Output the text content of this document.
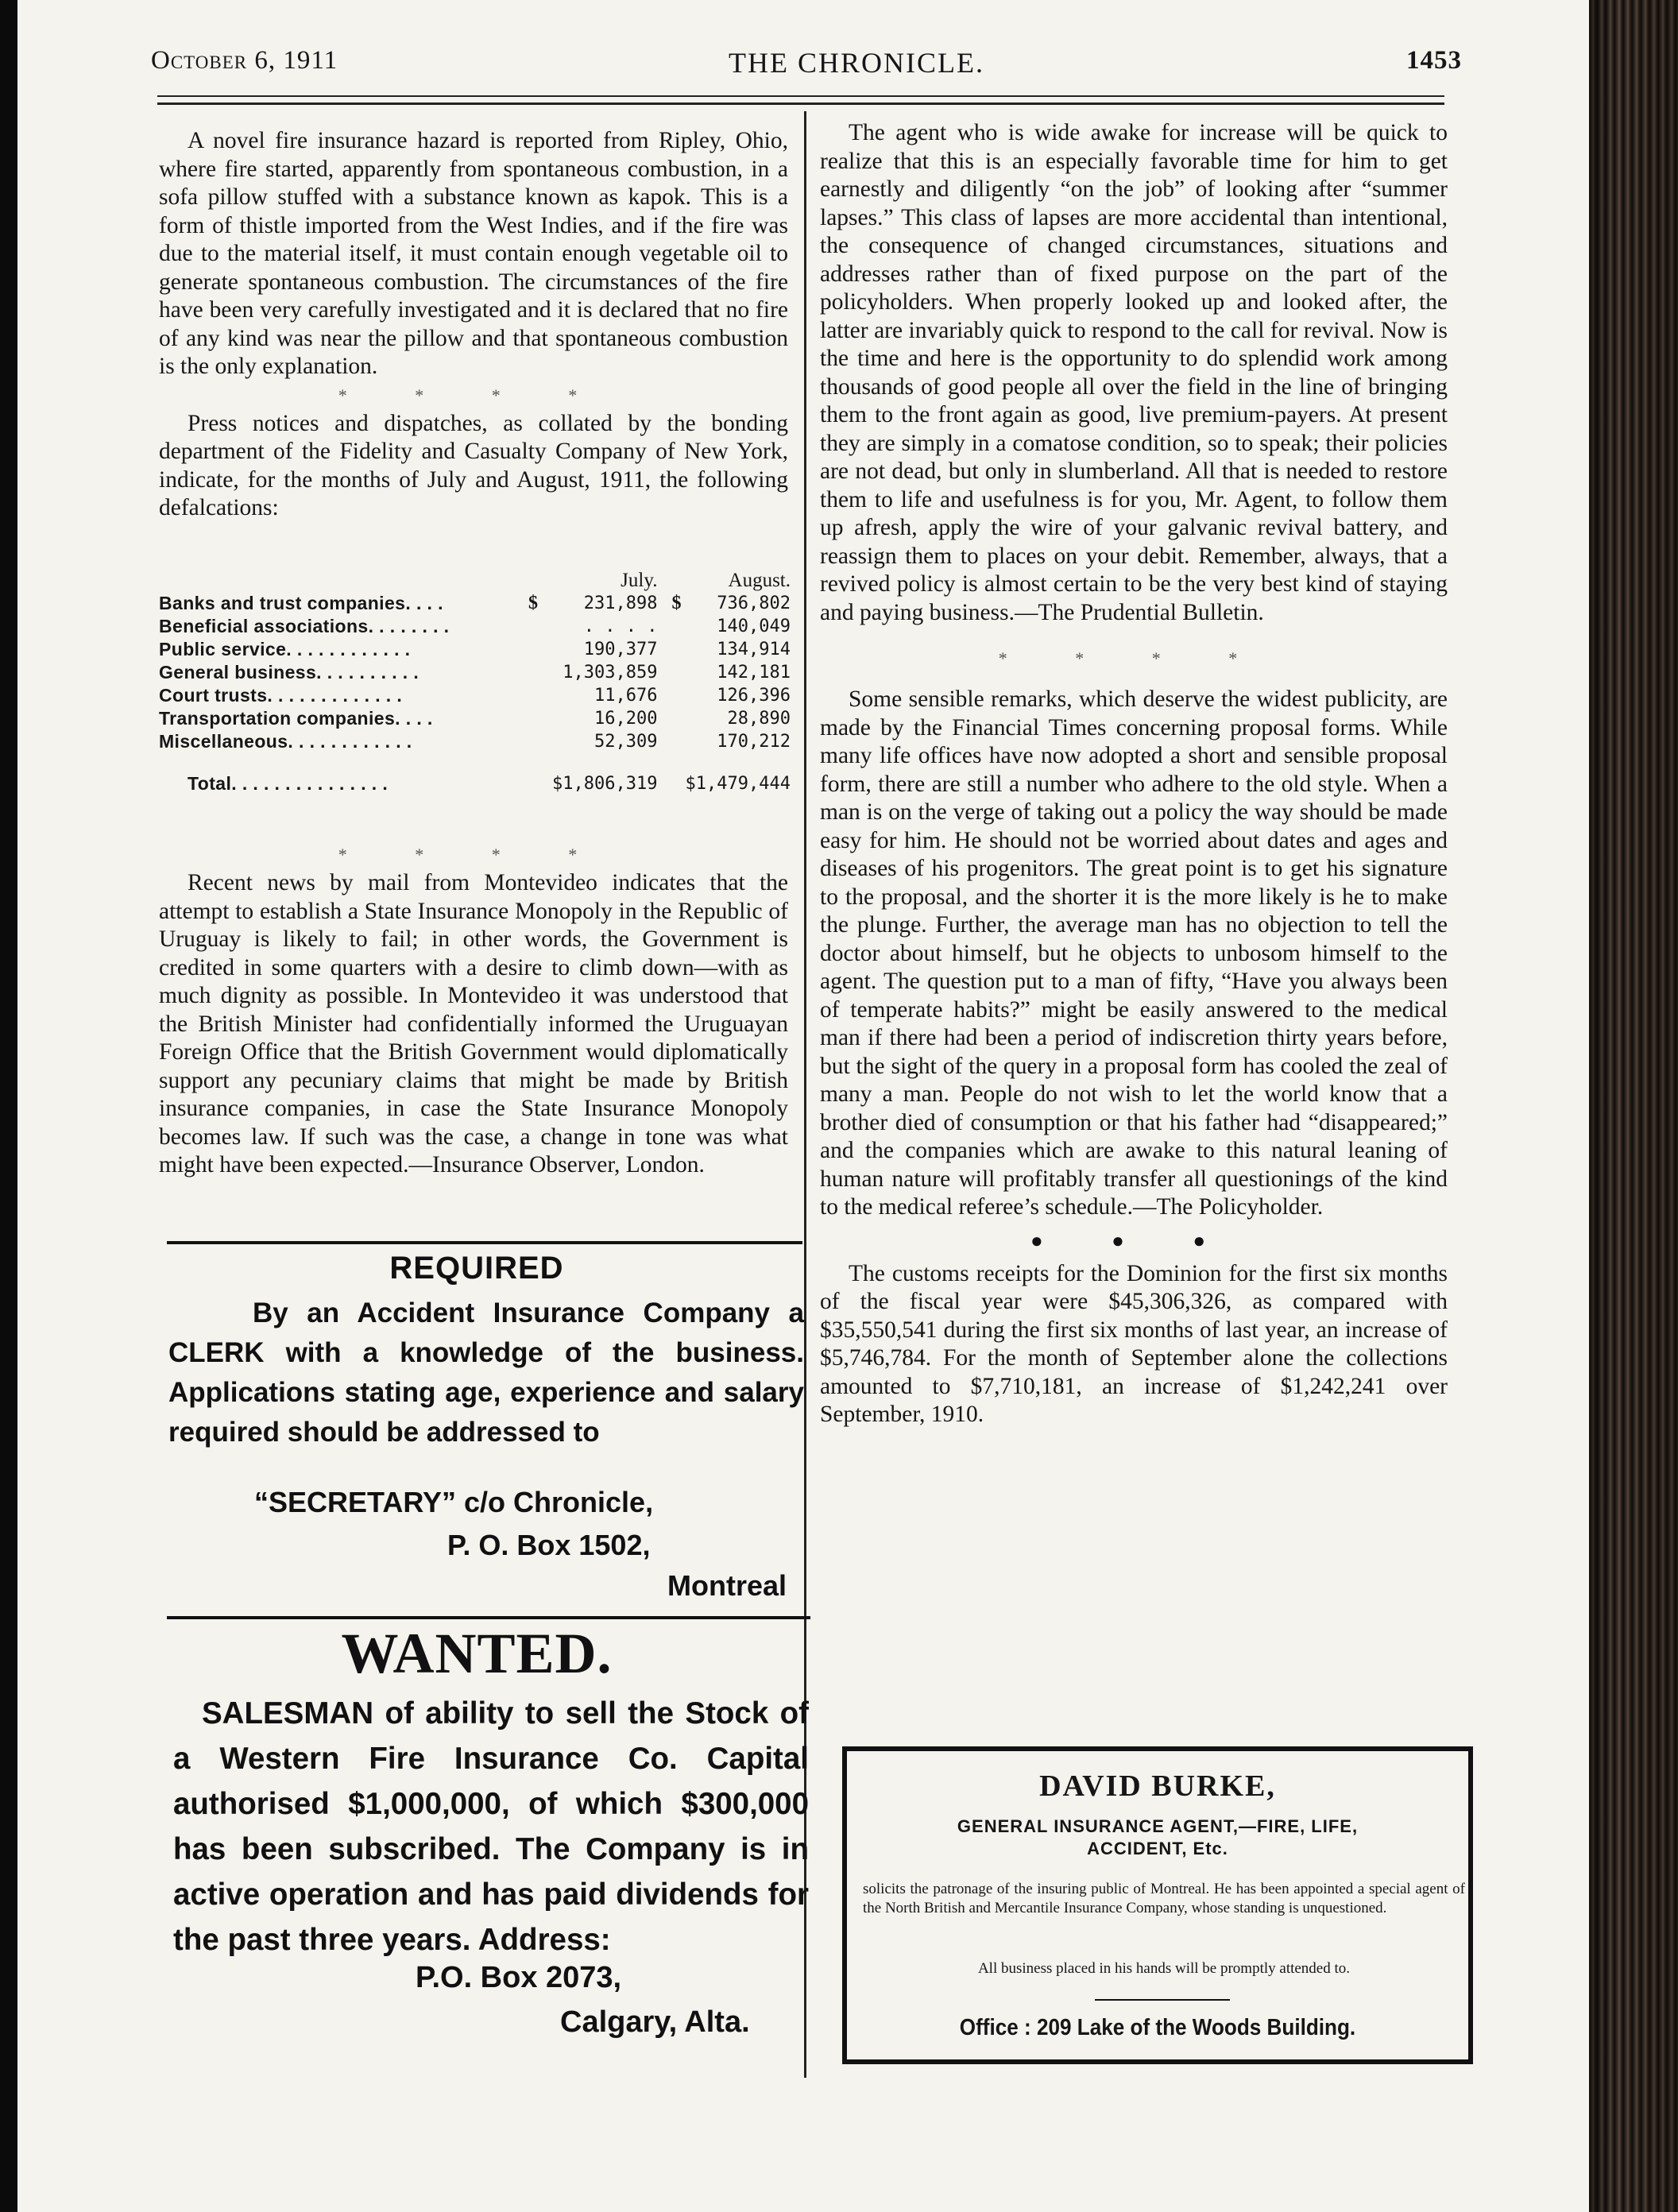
October 6, 1911	THE CHRONICLE.	1453

A novel fire insurance hazard is reported from Ripley, Ohio, where fire started, apparently from spontaneous combustion, in a sofa pillow stuffed with a substance known as kapok. This is a form of thistle imported from the West Indies, and if the fire was due to the material itself, it must contain enough vegetable oil to generate spontaneous combustion. The circumstances of the fire have been very carefully investigated and it is declared that no fire of any kind was near the pillow and that spontaneous combustion is the only explanation.

* * * *

Press notices and dispatches, as collated by the bonding department of the Fidelity and Casualty Company of New York, indicate, for the months of July and August, 1911, the following defalcations:

		July.		August.
Banks and trust companies. . . .	$	231,898	$	736,802
Beneficial associations. . . . . . . .		. . . .		140,049
Public service. . . . . . . . . . . .		190,377		134,914
General business. . . . . . . . . .		1,303,859		142,181
Court trusts. . . . . . . . . . . . .		11,676		126,396
Transportation companies. . . .		16,200		28,890
Miscellaneous. . . . . . . . . . . .		52,309		170,212
Total. . . . . . . . . . . . . . .	$1,806,319		$1,479,444	
* * * *

Recent news by mail from Montevideo indicates that the attempt to establish a State Insurance Monopoly in the Republic of Uruguay is likely to fail; in other words, the Government is credited in some quarters with a desire to climb down—with as much dignity as possible. In Montevideo it was understood that the British Minister had confidentially informed the Uruguayan Foreign Office that the British Government would diplomatically support any pecuniary claims that might be made by British insurance companies, in case the State Insurance Monopoly becomes law. If such was the case, a change in tone was what might have been expected.—Insurance Observer, London.

The agent who is wide awake for increase will be quick to realize that this is an especially favorable time for him to get earnestly and diligently “on the job” of looking after “summer lapses.” This class of lapses are more accidental than intentional, the consequence of changed circumstances, situations and addresses rather than of fixed purpose on the part of the policyholders. When properly looked up and looked after, the latter are invariably quick to respond to the call for revival. Now is the time and here is the opportunity to do splendid work among thousands of good people all over the field in the line of bringing them to the front again as good, live premium-payers. At present they are simply in a comatose condition, so to speak; their policies are not dead, but only in slumberland. All that is needed to restore them to life and usefulness is for you, Mr. Agent, to follow them up afresh, apply the wire of your galvanic revival battery, and reassign them to places on your debit. Remember, always, that a revived policy is almost certain to be the very best kind of staying and paying business.—The Prudential Bulletin.

* * * *

Some sensible remarks, which deserve the widest publicity, are made by the Financial Times concerning proposal forms. While many life offices have now adopted a short and sensible proposal form, there are still a number who adhere to the old style. When a man is on the verge of taking out a policy the way should be made easy for him. He should not be worried about dates and ages and diseases of his progenitors. The great point is to get his signature to the proposal, and the shorter it is the more likely is he to make the plunge. Further, the average man has no objection to tell the doctor about himself, but he objects to unbosom himself to the agent. The question put to a man of fifty, “Have you always been of temperate habits?” might be easily answered to the medical man if there had been a period of indiscretion thirty years before, but the sight of the query in a proposal form has cooled the zeal of many a man. People do not wish to let the world know that a brother died of consumption or that his father had “disappeared;” and the companies which are awake to this natural leaning of human nature will profitably transfer all questionings of the kind to the medical referee’s schedule.—The Policyholder.

● ● ●

The customs receipts for the Dominion for the first six months of the fiscal year were $45,306,326, as compared with $35,550,541 during the first six months of last year, an increase of $5,746,784. For the month of September alone the collections amounted to $7,710,181, an increase of $1,242,241 over September, 1910.

REQUIRED
By an Accident Insurance Company a CLERK with a knowledge of the business. Applications stating age, experience and salary required should be addressed to
“SECRETARY” c/o Chronicle,
P. O. Box 1502,
Montreal
WANTED.
SALESMAN of ability to sell the Stock of a Western Fire Insurance Co. Capital authorised $1,000,000, of which $300,000 has been subscribed. The Company is in active operation and has paid dividends for the past three years. Address:
P.O. Box 2073,
Calgary, Alta.
DAVID BURKE,
GENERAL INSURANCE AGENT,—FIRE, LIFE,
ACCIDENT, Etc.
solicits the patronage of the insuring public of Montreal. He has been appointed a special agent of the North British and Mercantile Insurance Company, whose standing is unquestioned.
All business placed in his hands will be promptly attended to.
Office : 209 Lake of the Woods Building.
